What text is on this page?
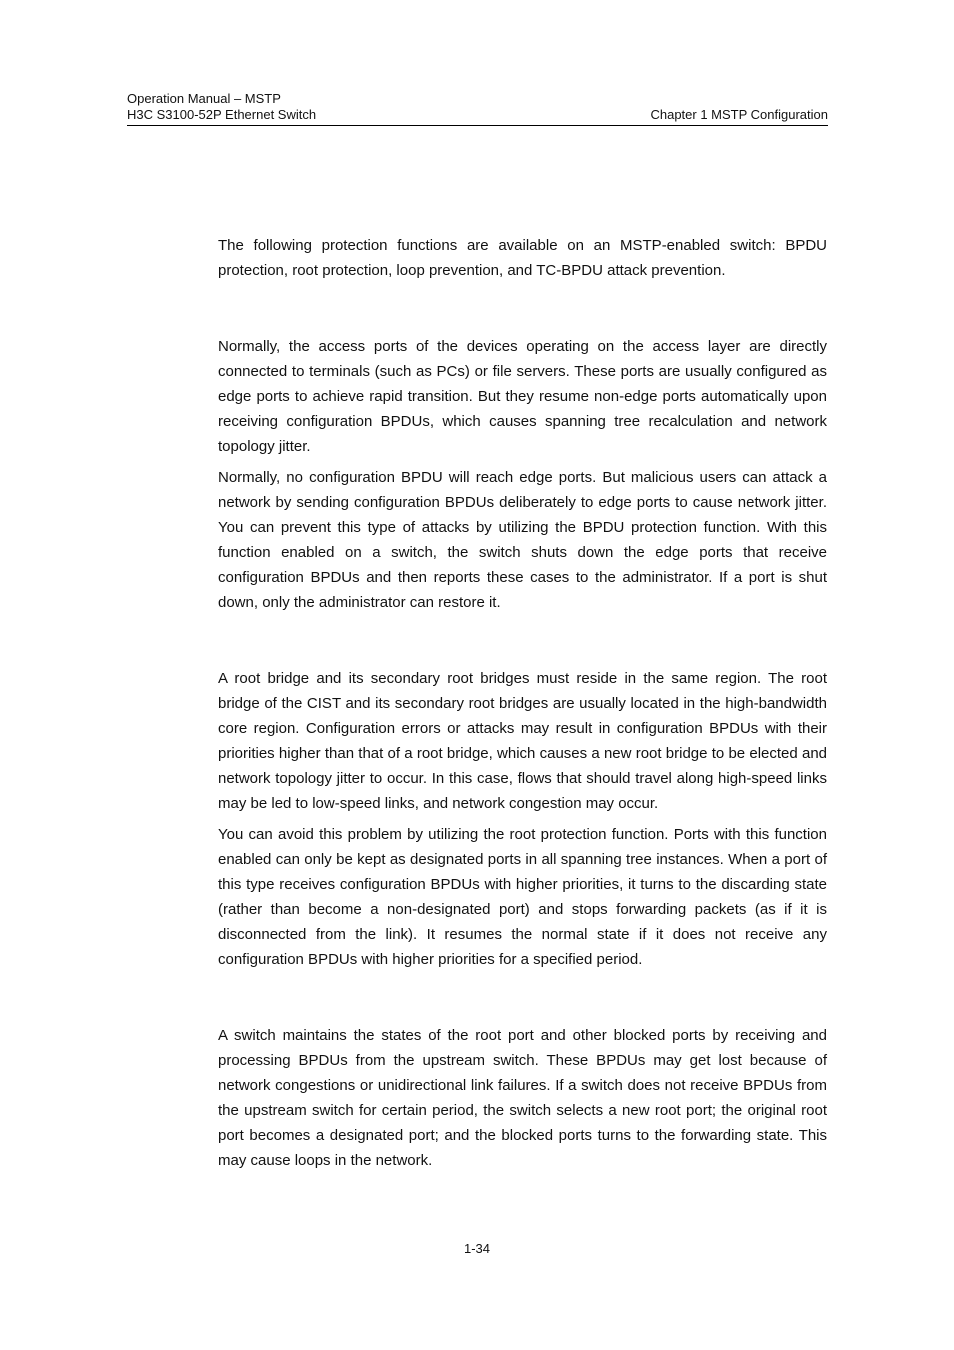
Operation Manual – MSTP
H3C S3100-52P Ethernet Switch	Chapter 1 MSTP Configuration

The following protection functions are available on an MSTP-enabled switch: BPDU protection, root protection, loop prevention, and TC-BPDU attack prevention.

Normally, the access ports of the devices operating on the access layer are directly connected to terminals (such as PCs) or file servers. These ports are usually configured as edge ports to achieve rapid transition. But they resume non-edge ports automatically upon receiving configuration BPDUs, which causes spanning tree recalculation and network topology jitter.

Normally, no configuration BPDU will reach edge ports. But malicious users can attack a network by sending configuration BPDUs deliberately to edge ports to cause network jitter. You can prevent this type of attacks by utilizing the BPDU protection function. With this function enabled on a switch, the switch shuts down the edge ports that receive configuration BPDUs and then reports these cases to the administrator. If a port is shut down, only the administrator can restore it.

A root bridge and its secondary root bridges must reside in the same region. The root bridge of the CIST and its secondary root bridges are usually located in the high-bandwidth core region. Configuration errors or attacks may result in configuration BPDUs with their priorities higher than that of a root bridge, which causes a new root bridge to be elected and network topology jitter to occur. In this case, flows that should travel along high-speed links may be led to low-speed links, and network congestion may occur.

You can avoid this problem by utilizing the root protection function. Ports with this function enabled can only be kept as designated ports in all spanning tree instances. When a port of this type receives configuration BPDUs with higher priorities, it turns to the discarding state (rather than become a non-designated port) and stops forwarding packets (as if it is disconnected from the link). It resumes the normal state if it does not receive any configuration BPDUs with higher priorities for a specified period.

A switch maintains the states of the root port and other blocked ports by receiving and processing BPDUs from the upstream switch. These BPDUs may get lost because of network congestions or unidirectional link failures. If a switch does not receive BPDUs from the upstream switch for certain period, the switch selects a new root port; the original root port becomes a designated port; and the blocked ports turns to the forwarding state. This may cause loops in the network.

1-34
